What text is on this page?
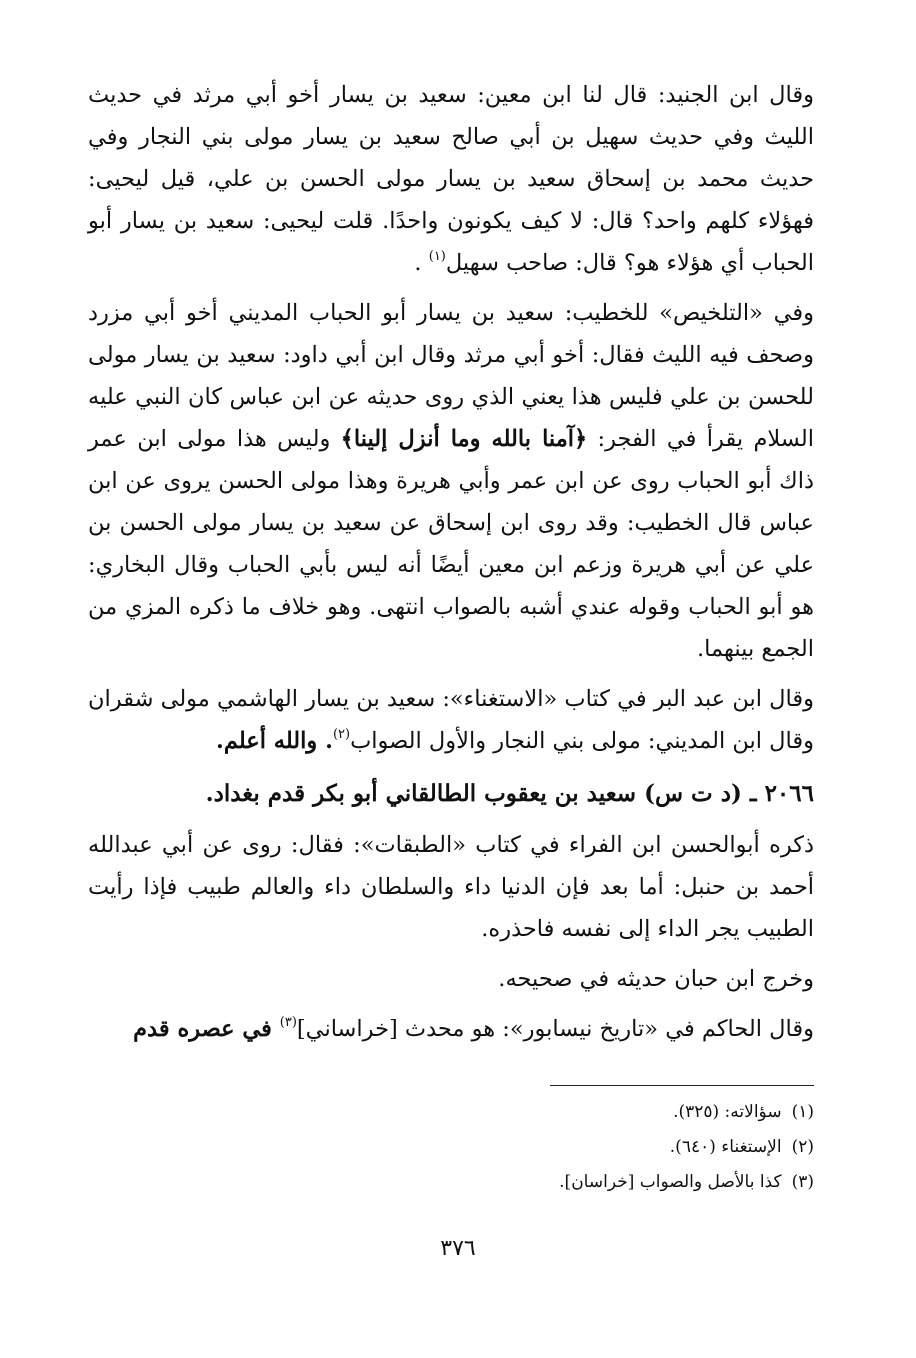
وقال ابن الجنيد: قال لنا ابن معين: سعيد بن يسار أخو أبي مرثد في حديث الليث وفي حديث سهيل بن أبي صالح سعيد بن يسار مولى بني النجار وفي حديث محمد بن إسحاق سعيد بن يسار مولى الحسن بن علي، قيل ليحيى: فهؤلاء كلهم واحد؟ قال: لا كيف يكونون واحدًا. قلت ليحيى: سعيد بن يسار أبو الحباب أي هؤلاء هو؟ قال: صاحب سهيل$^{(١)}$ .

وفي «التلخيص» للخطيب: سعيد بن يسار أبو الحباب المديني أخو أبي مزرد وصحف فيه الليث فقال: أخو أبي مرثد وقال ابن أبي داود: سعيد بن يسار مولى للحسن بن علي فليس هذا يعني الذي روى حديثه عن ابن عباس كان النبي عليه السلام يقرأ في الفجر: ﴿آمنا بالله وما أنزل إلينا﴾ وليس هذا مولى ابن عمر ذاك أبو الحباب روى عن ابن عمر وأبي هريرة وهذا مولى الحسن يروى عن ابن عباس قال الخطيب: وقد روى ابن إسحاق عن سعيد بن يسار مولى الحسن بن علي عن أبي هريرة وزعم ابن معين أيضًا أنه ليس بأبي الحباب وقال البخاري: هو أبو الحباب وقوله عندي أشبه بالصواب انتهى. وهو خلاف ما ذكره المزي من الجمع بينهما.

وقال ابن عبد البر في كتاب «الاستغناء»: سعيد بن يسار الهاشمي مولى شقران وقال ابن المديني: مولى بني النجار والأول الصواب$^{(٢)}$. والله أعلم.

٢٠٦٦ ـ (د ت س) سعيد بن يعقوب الطالقاني أبو بكر قدم بغداد.

ذكره أبوالحسن ابن الفراء في كتاب «الطبقات»: فقال: روى عن أبي عبدالله أحمد بن حنبل: أما بعد فإن الدنيا داء والسلطان داء والعالم طبيب فإذا رأيت الطبيب يجر الداء إلى نفسه فاحذره.

وخرج ابن حبان حديثه في صحيحه.

وقال الحاكم في «تاريخ نيسابور»: هو محدث [خراساني]$^{(٣)}$ في عصره قدم

(١)سؤالاته: (٣٢٥).
(٢)الإستغناء (٦٤٠).
(٣)كذا بالأصل والصواب [خراسان].
٣٧٦
